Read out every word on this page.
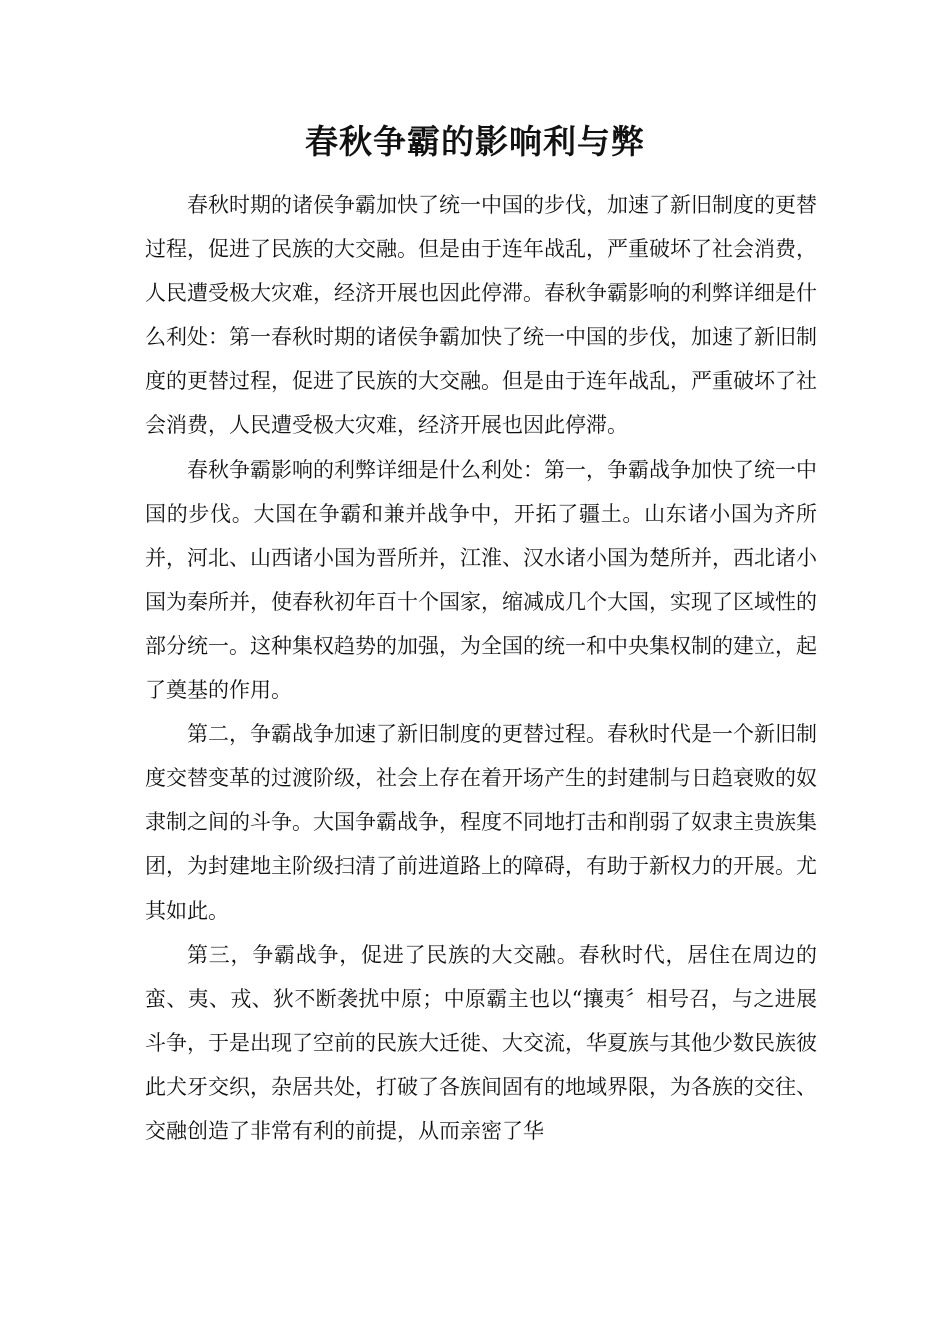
春秋争霸的影响利与弊

春秋时期的诸侯争霸加快了统一中国的步伐，加速了新旧制度的更替过程，促进了民族的大交融。但是由于连年战乱，严重破坏了社会消费，人民遭受极大灾难，经济开展也因此停滞。春秋争霸影响的利弊详细是什么利处：第一春秋时期的诸侯争霸加快了统一中国的步伐，加速了新旧制度的更替过程，促进了民族的大交融。但是由于连年战乱，严重破坏了社会消费，人民遭受极大灾难，经济开展也因此停滞。

春秋争霸影响的利弊详细是什么利处：第一，争霸战争加快了统一中国的步伐。大国在争霸和兼并战争中，开拓了疆土。山东诸小国为齐所并，河北、山西诸小国为晋所并，江淮、汉水诸小国为楚所并，西北诸小国为秦所并，使春秋初年百十个国家，缩减成几个大国，实现了区域性的部分统一。这种集权趋势的加强，为全国的统一和中央集权制的建立，起了奠基的作用。

第二，争霸战争加速了新旧制度的更替过程。春秋时代是一个新旧制度交替变革的过渡阶级，社会上存在着开场产生的封建制与日趋衰败的奴隶制之间的斗争。大国争霸战争，程度不同地打击和削弱了奴隶主贵族集团，为封建地主阶级扫清了前进道路上的障碍，有助于新权力的开展。尤其如此。

第三，争霸战争，促进了民族的大交融。春秋时代，居住在周边的蛮、夷、戎、狄不断袭扰中原；中原霸主也以“攘夷〞相号召，与之进展斗争，于是出现了空前的民族大迁徙、大交流，华夏族与其他少数民族彼此犬牙交织，杂居共处，打破了各族间固有的地域界限，为各族的交往、交融创造了非常有利的前提，从而亲密了华
